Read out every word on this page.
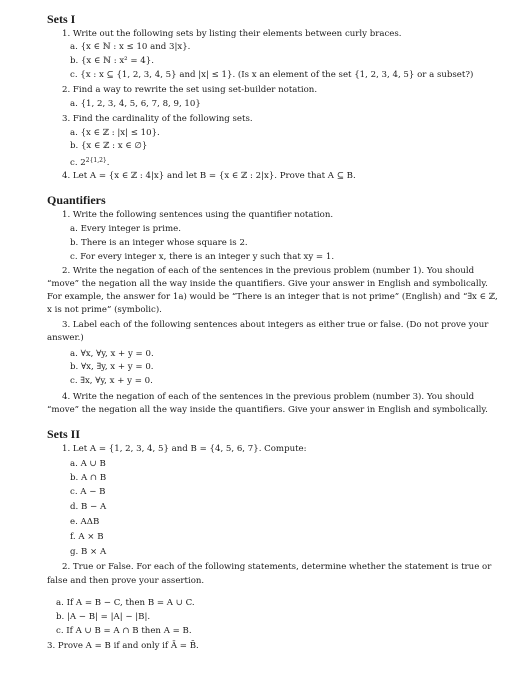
Sets I
1. Write out the following sets by listing their elements between curly braces.
a. {x ∈ ℕ : x ≤ 10 and 3|x}.
b. {x ∈ ℕ : x² = 4}.
c. {x : x ⊆ {1, 2, 3, 4, 5} and |x| ≤ 1}. (Is x an element of the set {1, 2, 3, 4, 5} or a subset?)
2. Find a way to rewrite the set using set-builder notation.
a. {1, 2, 3, 4, 5, 6, 7, 8, 9, 10}
3. Find the cardinality of the following sets.
a. {x ∈ ℤ : |x| ≤ 10}.
b. {x ∈ ℤ : x ∈ ∅}
c. $2^{2\{1,2\}}$.
4. Let A = {x ∈ ℤ : 4|x} and let B = {x ∈ ℤ : 2|x}. Prove that A ⊆ B.
Quantifiers
1. Write the following sentences using the quantifier notation.
a. Every integer is prime.
b. There is an integer whose square is 2.
c. For every integer x, there is an integer y such that xy = 1.
2. Write the negation of each of the sentences in the previous problem (number 1). You should
“move” the negation all the way inside the quantifiers. Give your answer in English and symbolically.
For example, the answer for 1a) would be “There is an integer that is not prime” (English) and “∃x ∈ ℤ,
x is not prime” (symbolic).
3. Label each of the following sentences about integers as either true or false. (Do not prove your
answer.)
a. ∀x, ∀y, x + y = 0.
b. ∀x, ∃y, x + y = 0.
c. ∃x, ∀y, x + y = 0.
4. Write the negation of each of the sentences in the previous problem (number 3). You should
“move” the negation all the way inside the quantifiers. Give your answer in English and symbolically.
Sets II
1. Let A = {1, 2, 3, 4, 5} and B = {4, 5, 6, 7}. Compute:
a. A ∪ B
b. A ∩ B
c. A − B
d. B − A
e. AΔB
f. A × B
g. B × A
2. True or False. For each of the following statements, determine whether the statement is true or
false and then prove your assertion.
a. If A = B − C, then B = A ∪ C.
b. |A − B| = |A| − |B|.
c. If A ∪ B = A ∩ B then A = B.
3. Prove A = B if and only if Ā = B̄.
